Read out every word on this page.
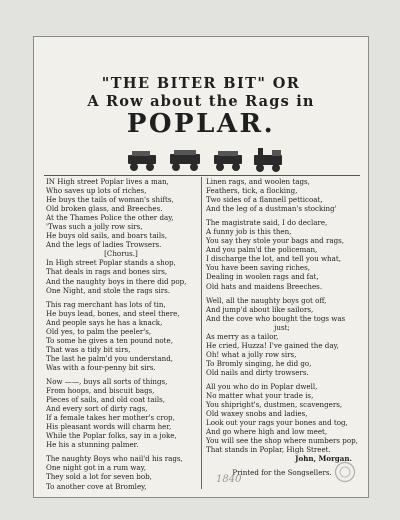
"THE BITER BIT" OR
A Row about the Rags in
POPLAR.
IN High street Poplar lives a man,
Who saves up lots of riches,
He buys the tails of woman's shifts,
Old broken glass, and Breeches.
At the Thames Police the other day,
'Twas such a jolly row sirs,
He buys old sails, and boars tails,
And the legs of ladies Trowsers.
[Chorus.]
In High street Poplar stands a shop,
That deals in rags and bones sirs,
And the naughty boys in there did pop,
One Night, and stole the rags sirs.
This rag merchant has lots of tin,
He buys lead, bones, and steel there,
And people says he has a knack,
Old yes, to palm the peeler's,
To some he gives a ten pound note,
That was a tidy bit sirs,
The last he palm'd you understand,
Was with a four-penny bit sirs.
Now ——, buys all sorts of things,
From hoops, and biscuit bags,
Pieces of sails, and old coat tails,
And every sort of dirty rags,
If a female takes her mother's crop,
His pleasant words will charm her,
While the Poplar folks, say in a joke,
He his a stunning palmer.
The naughty Boys who nail'd his rags,
One night got in a rum way,
They sold a lot for seven bob,
To another cove at Bromley,
Linen rags, and woolen tags,
Feathers, tick, a flocking,
Two sides of a flannell petticoat,
And the leg of a dustman's stocking'
The magistrate said, I do declare,
A funny job is this then,
You say they stole your bags and rags,
And you palm'd the policeman,
I discharge the lot, and tell you what,
You have been saving riches,
Dealing in woolen rags and fat,
Old hats and maidens Breeches.
Well, all the naughty boys got off,
And jump'd about like sailors,
And the cove who bought the togs was
just;
As merry as a tailor,
He cried, Huzza! I've gained the day,
Oh! what a jolly row sirs,
To Bromly singing, he did go,
Old nails and dirty trowsers.
All you who do in Poplar dwell,
No matter what your trade is,
You shipright's, dustmen, scavengers,
Old waxey snobs and ladies,
Look out your rags your bones and tog,
And go where high and low meet,
You will see the shop where numbers pop,
That stands in Poplar, High Street.
John, Morgan.
Printed for the Songsellers.
1840
